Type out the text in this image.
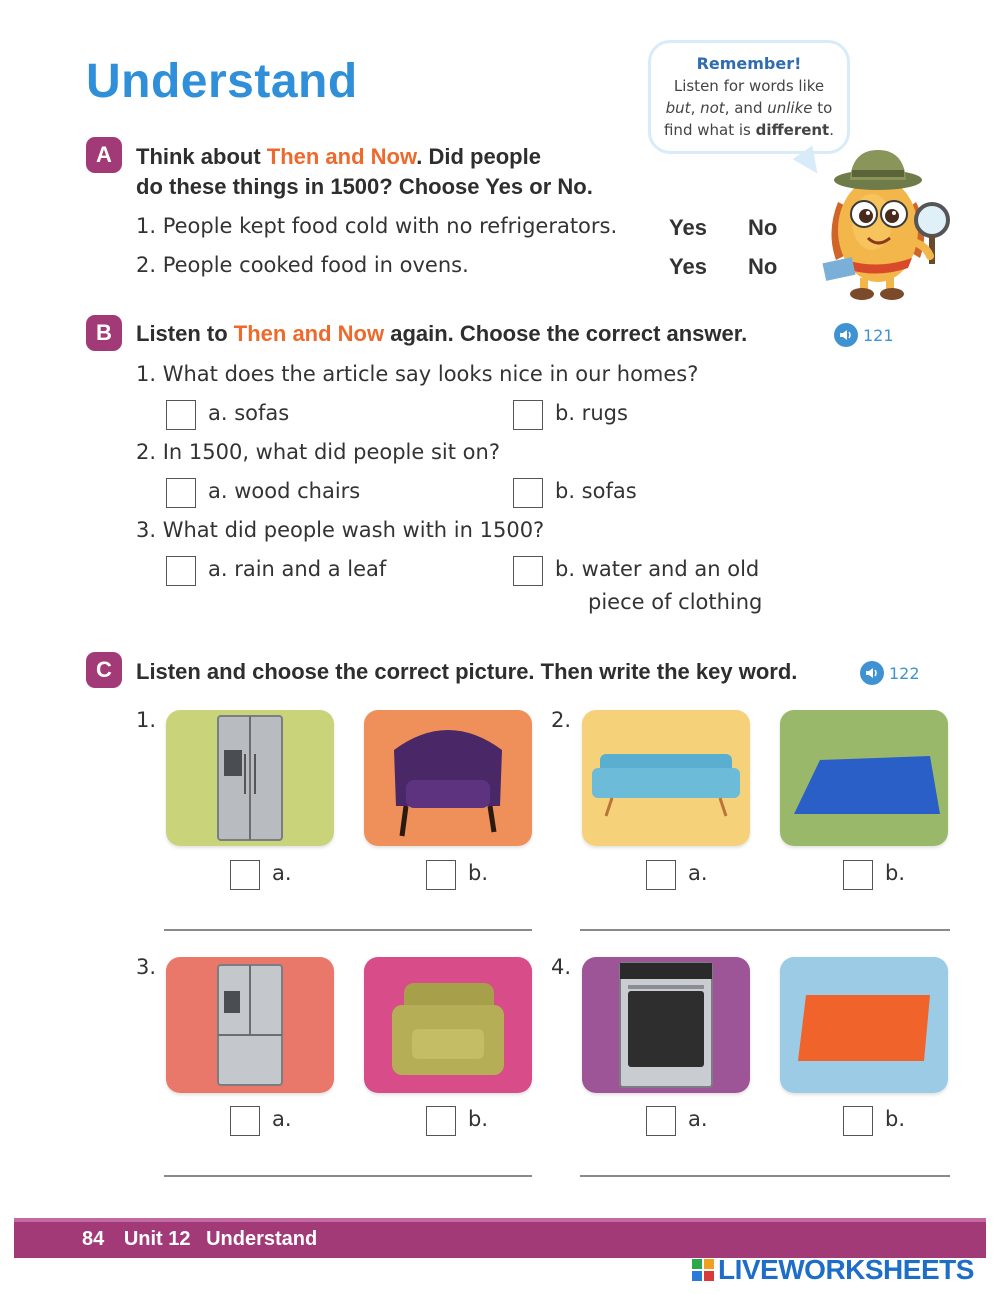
Understand	Remember!
Listen for words like
but, not, and unlike to
find what is different.
A	Think about Then and Now. Did people
do these things in 1500? Choose Yes or No.
1. People kept food cold with no refrigerators. Yes No
2. People cooked food in ovens.	Yes No
B	Listen to Then and Now again. Choose the correct answer.	121
1. What does the article say looks nice in our homes?
a. sofas	b. rugs
2. In 1500, what did people sit on?
a. wood chairs	b. sofas
3. What did people wash with in 1500?
a. rain and a leaf	b. water and an old
piece of clothing
C	Listen and choose the correct picture. Then write the key word.	122
1.
a.	b.
2.
a.	b.
3.
a.	b.
4.
a.	b.
84 Unit 12 Understand
LIVEWORKSHEETS
